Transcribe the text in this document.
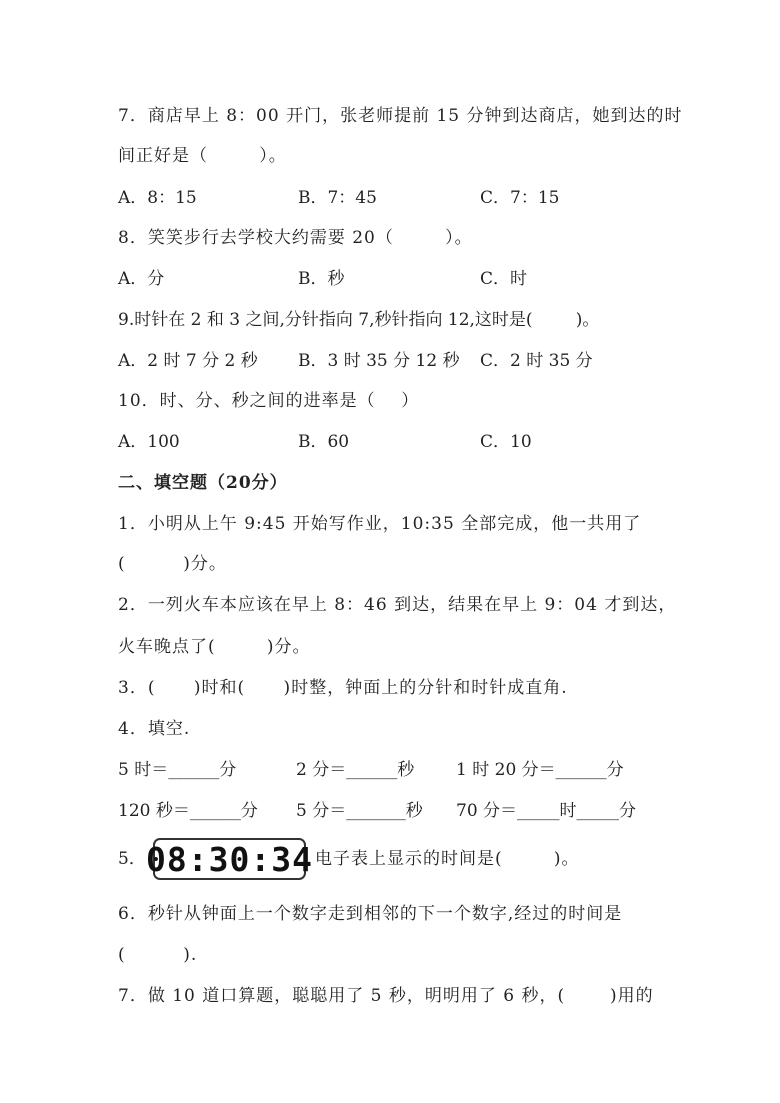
7．商店早上 8：00 开门，张老师提前 15 分钟到达商店，她到达的时
间正好是（        ）。
A．8：15	B．7：45	C．7：15
8．笑笑步行去学校大约需要 20（        ）。
A．分	B．秒	C．时
9.时针在 2 和 3 之间,分针指向 7,秒针指向 12,这时是(        )。
A．2 时 7 分 2 秒 B．3 时 35 分 12 秒 C．2 时 35 分
10．时、分、秒之间的进率是（    ）
A．100	B．60	C．10
二、填空题（20分）
1．小明从上午 9:45 开始写作业，10:35 全部完成，他一共用了
(         )分。
2．一列火车本应该在早上 8：46 到达，结果在早上 9：04 才到达，
火车晚点了(        )分。
3．(      )时和(      )时整，钟面上的分针和时针成直角.
4．填空.
5 时＝______分	2 分＝______秒 1 时 20 分＝______分
120 秒＝______分 5 分＝_______秒 70 分＝_____时_____分
5． 08:30:34 电子表上显示的时间是(        )。
6．秒针从钟面上一个数字走到相邻的下一个数字,经过的时间是
(         ).
7．做 10 道口算题，聪聪用了 5 秒，明明用了 6 秒，(       )用的
